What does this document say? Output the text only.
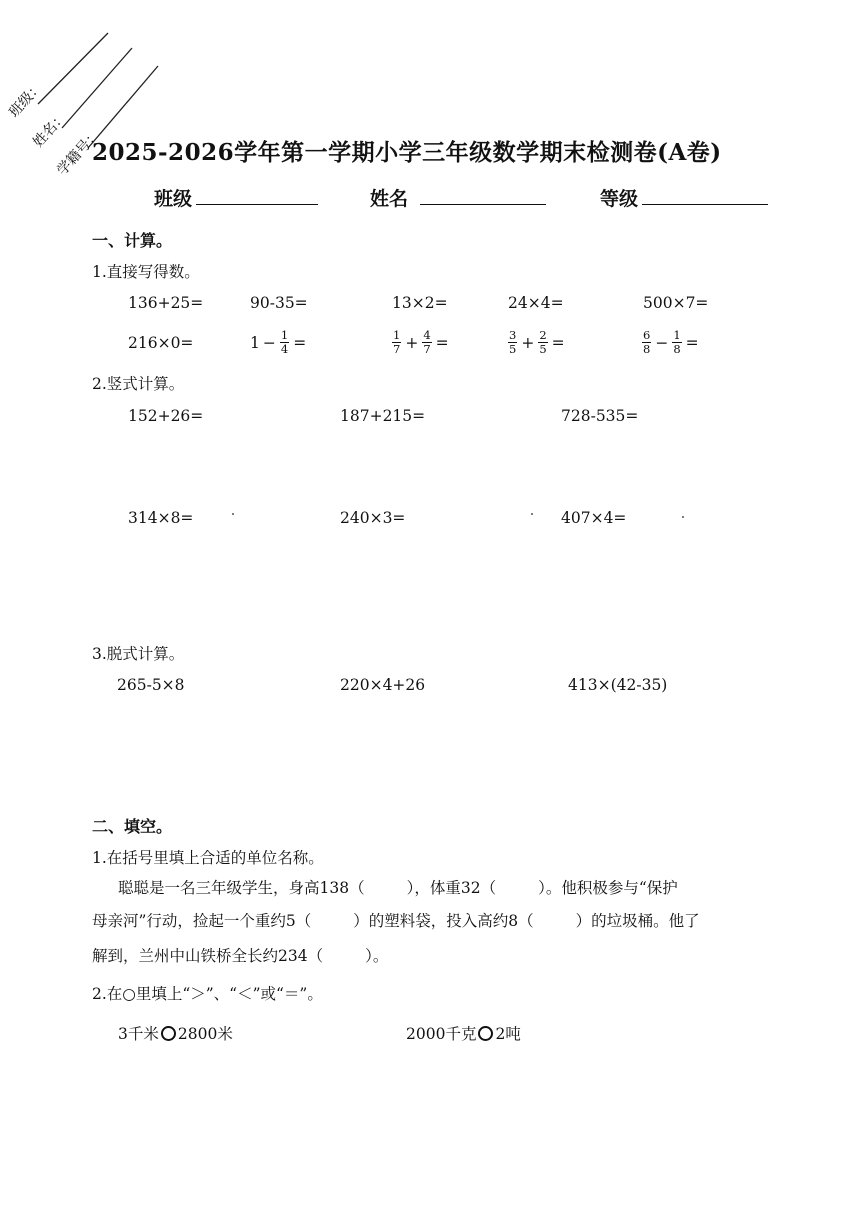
班级：
姓名：
学籍号：
2025-2026学年第一学期小学三年级数学期末检测卷(A卷)
班级	姓名	等级
一、计算。
1.直接写得数。
136+25=	90-35=	13×2=	24×4=	500×7=
216×0=	$1 - \frac{1}{4}$ =	$\frac{1}{7} + \frac{4}{7}$ =	$\frac{3}{5} + \frac{2}{5}$ =	$\frac{6}{8} - \frac{1}{8}$ =
2.竖式计算。
152+26=	187+215=	728-535=
314×8=	240×3=	407×4=
3.脱式计算。
265-5×8	220×4+26	413×(42-35)
二、填空。
1.在括号里填上合适的单位名称。
聪聪是一名三年级学生，身高138（	），体重32（	）。他积极参与“保护
母亲河”行动，捡起一个重约5（	）的塑料袋，投入高约8（	）的垃圾桶。他了
解到，兰州中山铁桥全长约234（	）。
2.在○里填上“＞”、“＜”或“＝”。
3千米 2800米	2000千克 2吨
